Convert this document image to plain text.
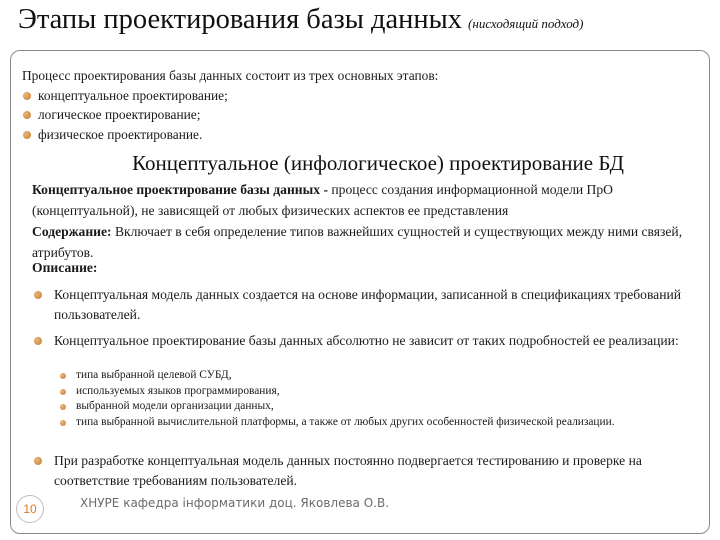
Этапы проектирования базы данных (нисходящий подход)
Процесс проектирования базы данных состоит из трех основных этапов:
концептуальное проектирование;
логическое проектирование;
физическое проектирование.
Концептуальное (инфологическое) проектирование БД
Концептуальное проектирование базы данных - процесс создания информационной модели ПрО (концептуальной), не зависящей от любых физических аспектов ее представления
Содержание: Включает в себя определение типов важнейших сущностей и существующих между ними связей, атрибутов.
Описание:
Концептуальная модель данных создается на основе информации, записанной в спецификациях требований пользователей.
Концептуальное проектирование базы данных абсолютно не зависит от таких подробностей ее реализации:
типа выбранной целевой СУБД,
используемых языков программирования,
выбранной модели организации данных,
типа выбранной вычислительной платформы, а также от любых других особенностей физической реализации.
При разработке концептуальная модель данных постоянно подвергается тестированию и проверке на соответствие требованиям пользователей.
10	ХНУРЕ кафедра інформатики доц. Яковлева О.В.
